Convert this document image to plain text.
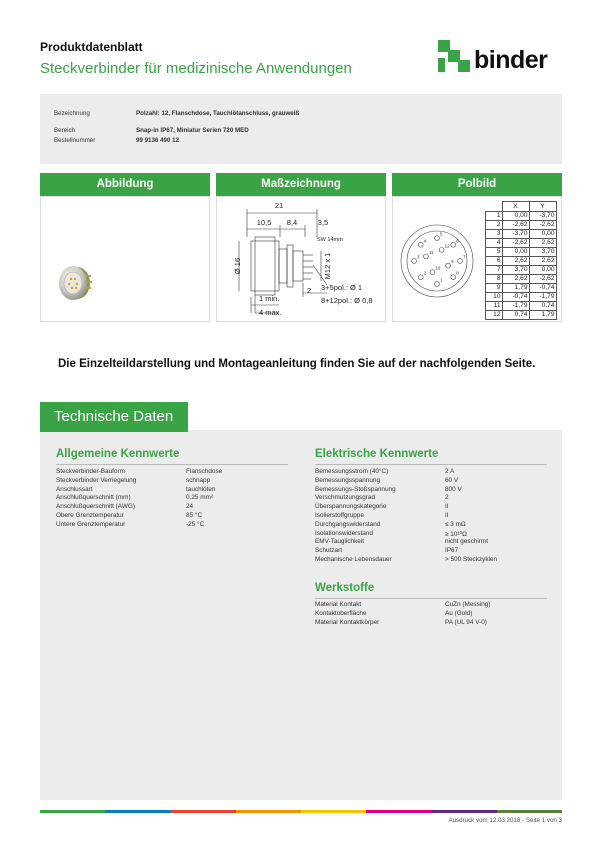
Produktdatenblatt
Steckverbinder für medizinische Anwendungen	binder
Bezeichnung	Polzahl: 12, Flanschdose, Tauchlötanschluss, grauweiß
Bereich	Snap-in IP67, Miniatur Serien 720 MED
Bestellnummer	99 9136 490 12
Abbildung	Maßzeichnung	Polbild
21
10,5 8,4	3,5
SW 14mm
Ø 16	M12 x 1
2
1 min.
4 max.
3+5pol.: Ø 1
8+12pol.: Ø 0,8
1
2
3
4
5
6
7
8
9
10
11
12
	X	Y
1	0,00	-3,70
2	-2,62	-2,62
3	-3,70	0,00
4	-2,62	2,62
5	0,00	3,70
6	2,62	2,62
7	3,70	0,00
8	2,62	-2,62
9	1,79	-0,74
10	-0,74	-1,79
11	-1,79	0,74
12	0,74	1,79
Die Einzelteildarstellung und Montageanleitung finden Sie auf der nachfolgenden Seite.
Technische Daten
Allgemeine Kennwerte
Steckverbinder-Bauform	Flanschdose
Steckverbinder Verriegelung	schnapp
Anschlussart	tauchlöten
Anschlußquerschnitt (mm)	0,25 mm²
Anschlußquerschnitt (AWG)	24
Obere Grenztemperatur	85 °C
Untere Grenztemperatur	-25 °C
Elektrische Kennwerte
Bemessungsstrom (40°C)	2 A
Bemessungsspannung	60 V
Bemessungs-Stoßspannung	800 V
Verschmutzungsgrad	2
Überspannungskategorie	II
Isolierstoffgruppe	II
Durchgangswiderstand	≤ 3 mΩ
Isolationswiderstand	≥ 10¹⁰Ω
EMV-Tauglichkeit	nicht geschirmt
Schutzart	IP67
Mechanische Lebensdauer	> 500 Steckzyklen
Werkstoffe
Material Kontakt	CuZn (Messing)
Kontaktoberfläche	Au (Gold)
Material Kontaktkörper	PA (UL 94 V-0)
Ausdruck vom 12.03.2018 - Seite 1 von 3
